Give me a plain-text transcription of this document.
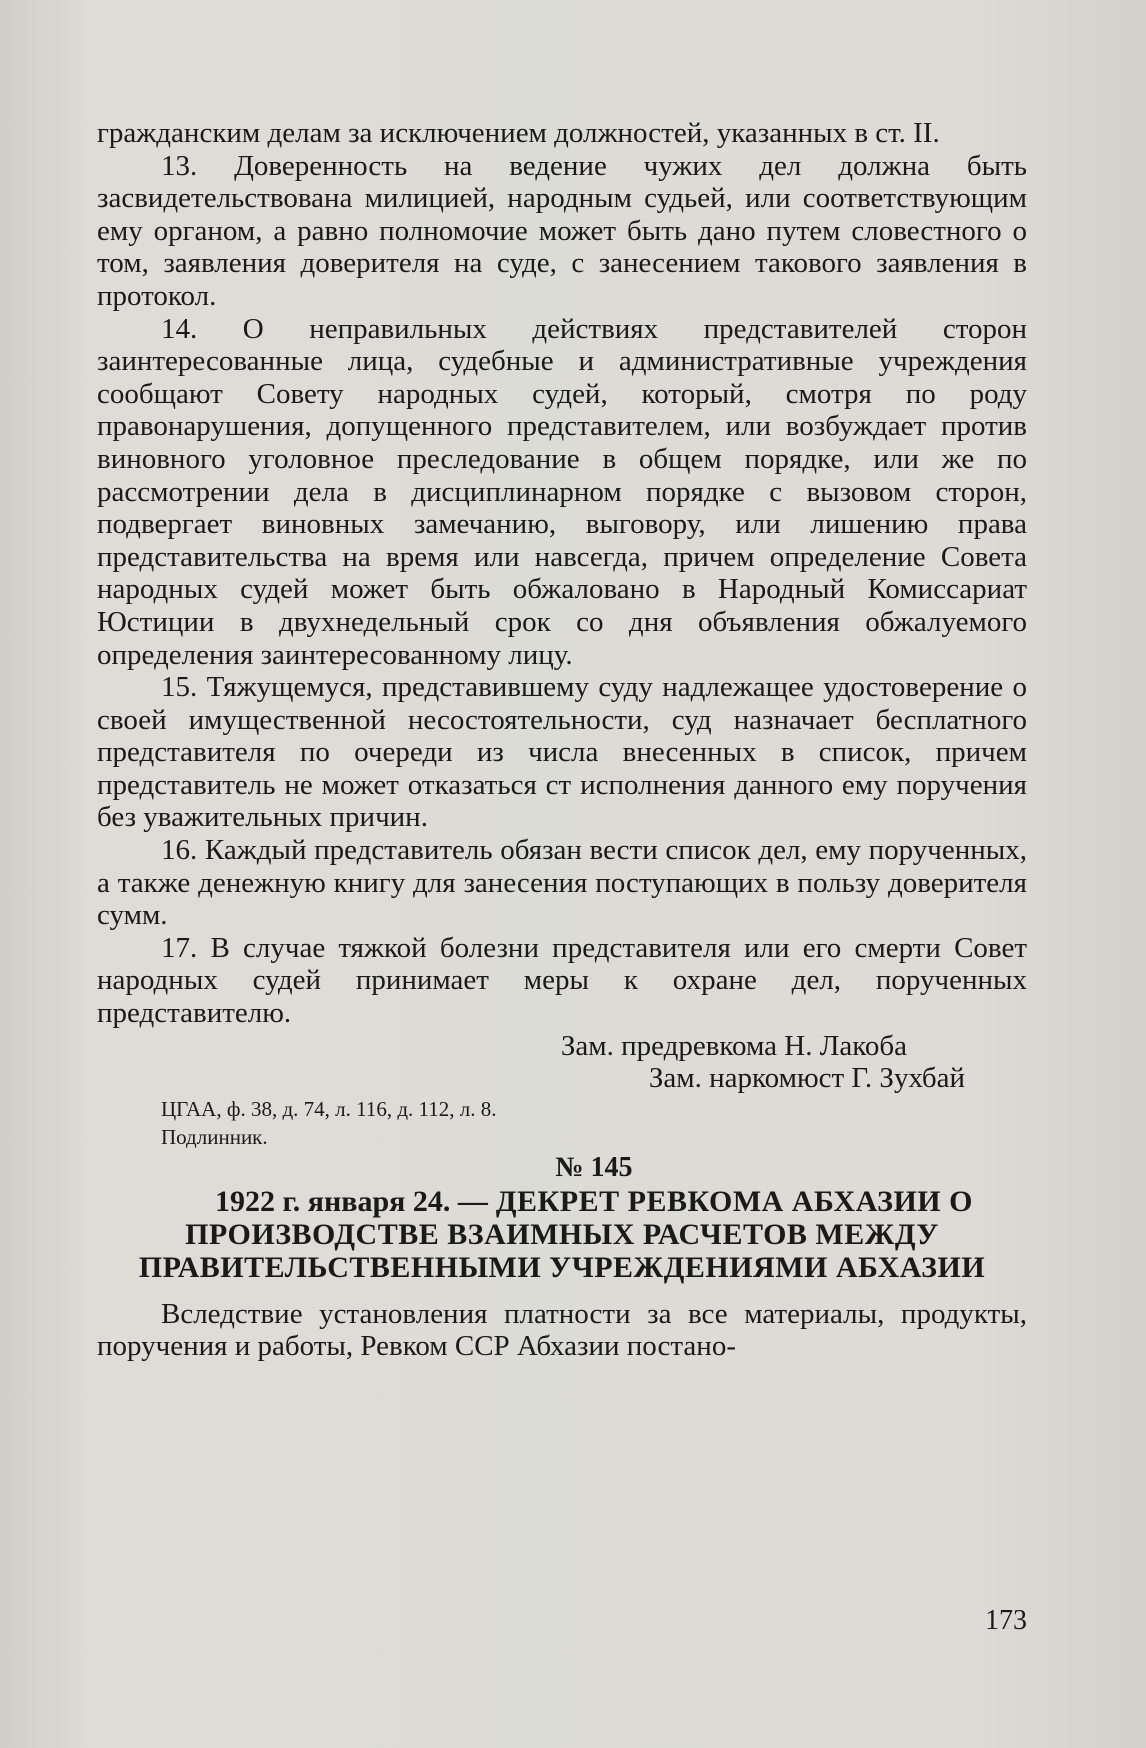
гражданским делам за исключением должностей, указанных в ст. II.

13. Доверенность на ведение чужих дел должна быть засвидетельствована милицией, народным судьей, или соответствующим ему органом, а равно полномочие может быть дано путем словестного о том, заявления доверителя на суде, с занесением такового заявления в протокол.

14. О неправильных действиях представителей сторон заинтересованные лица, судебные и административные учреждения сообщают Совету народных судей, который, смотря по роду правонарушения, допущенного представителем, или возбуждает против виновного уголовное преследование в общем порядке, или же по рассмотрении дела в дисциплинарном порядке с вызовом сторон, подвергает виновных замечанию, выговору, или лишению права представительства на время или навсегда, причем определение Совета народных судей может быть обжаловано в Народный Комиссариат Юстиции в двухнедельный срок со дня объявления обжалуемого определения заинтересованному лицу.

15. Тяжущемуся, представившему суду надлежащее удостоверение о своей имущественной несостоятельности, суд назначает бесплатного представителя по очереди из числа внесенных в список, причем представитель не может отказаться ст исполнения данного ему поручения без уважительных причин.

16. Каждый представитель обязан вести список дел, ему порученных, а также денежную книгу для занесения поступающих в пользу доверителя сумм.

17. В случае тяжкой болезни представителя или его смерти Совет народных судей принимает меры к охране дел, порученных представителю.

Зам. предревкома Н. Лакоба

Зам. наркомюст Г. Зухбай

ЦГАА, ф. 38, д. 74, л. 116, д. 112, л. 8.

Подлинник.

№ 145

1922 г. января 24. — ДЕКРЕТ РЕВКОМА АБХАЗИИ О ПРОИЗВОДСТВЕ ВЗАИМНЫХ РАСЧЕТОВ МЕЖДУ ПРАВИТЕЛЬСТВЕННЫМИ УЧРЕЖДЕНИЯМИ АБХАЗИИ

Вследствие установления платности за все материалы, продукты, поручения и работы, Ревком ССР Абхазии постано-

173
